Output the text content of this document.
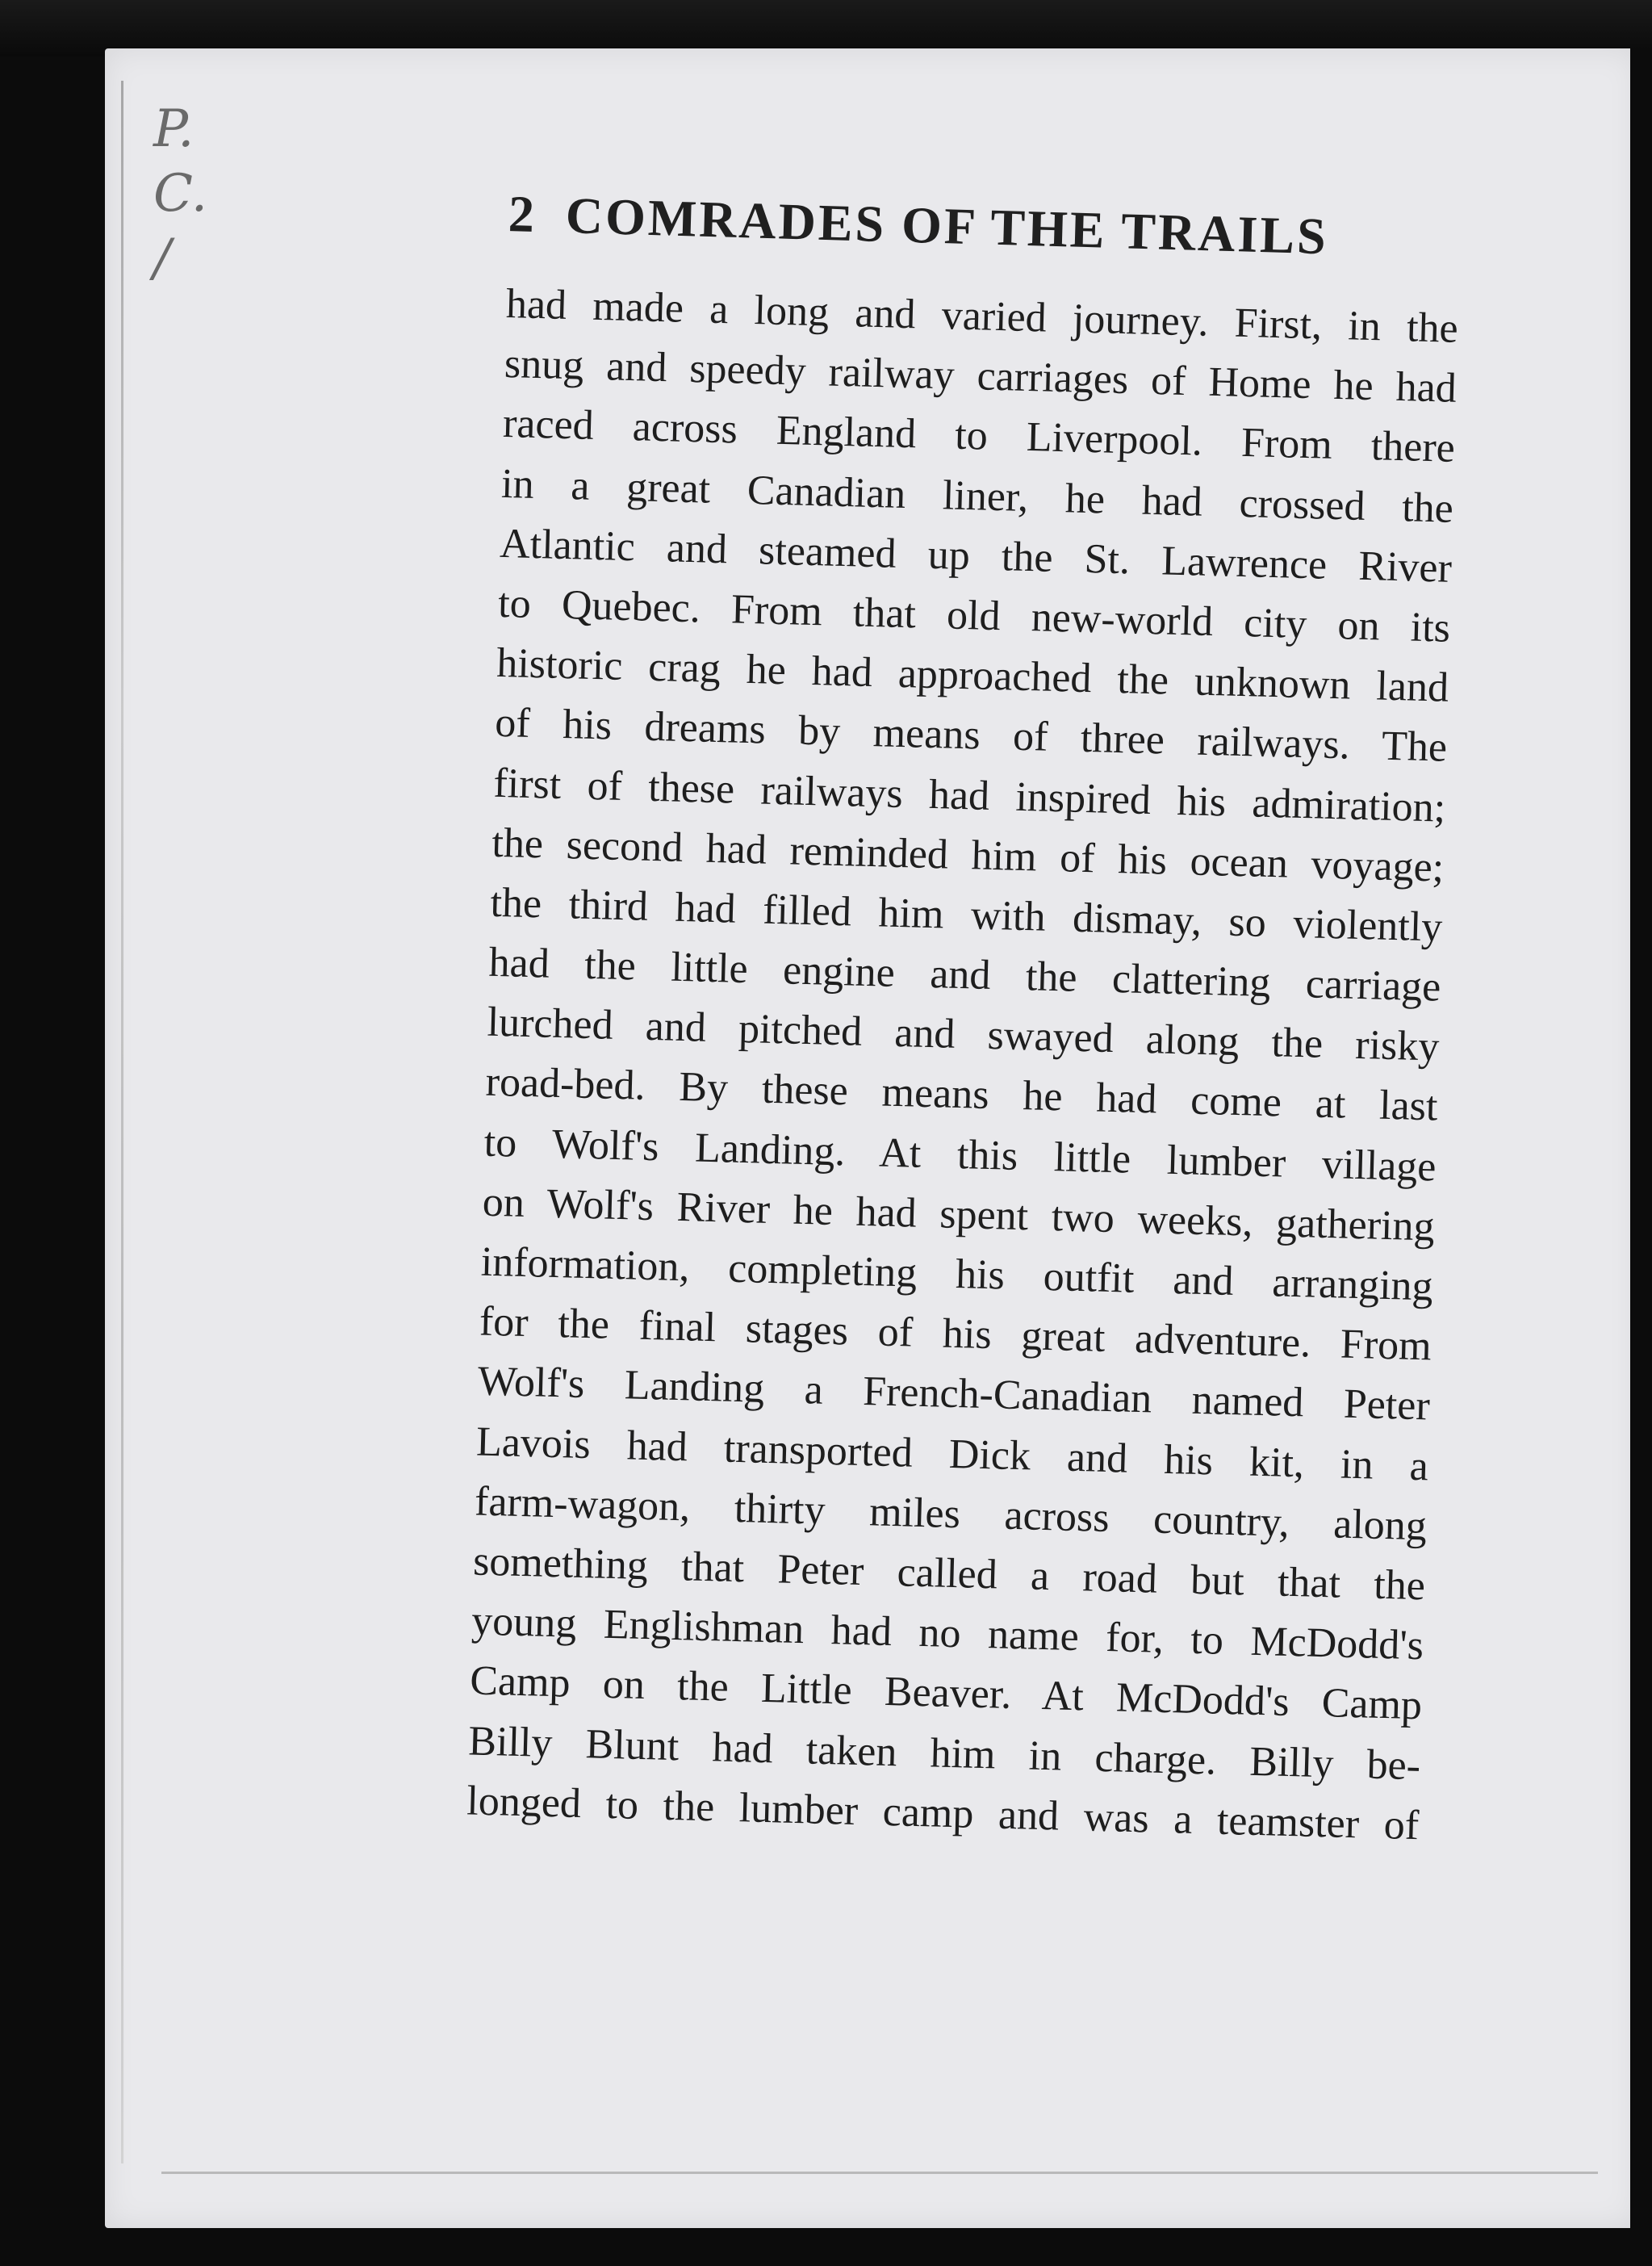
P.
C.
/
2 COMRADES OF THE TRAILS
had made a long and varied journey. First, in the
snug and speedy railway carriages of Home he had
raced across England to Liverpool. From there
in a great Canadian liner, he had crossed the
Atlantic and steamed up the St. Lawrence River
to Quebec. From that old new-world city on its
historic crag he had approached the unknown land
of his dreams by means of three railways. The
first of these railways had inspired his admiration;
the second had reminded him of his ocean voyage;
the third had filled him with dismay, so violently
had the little engine and the clattering carriage
lurched and pitched and swayed along the risky
road-bed. By these means he had come at last
to Wolf's Landing. At this little lumber village
on Wolf's River he had spent two weeks, gathering
information, completing his outfit and arranging
for the final stages of his great adventure. From
Wolf's Landing a French-Canadian named Peter
Lavois had transported Dick and his kit, in a
farm-wagon, thirty miles across country, along
something that Peter called a road but that the
young Englishman had no name for, to McDodd's
Camp on the Little Beaver. At McDodd's Camp
Billy Blunt had taken him in charge. Billy be-
longed to the lumber camp and was a teamster of
